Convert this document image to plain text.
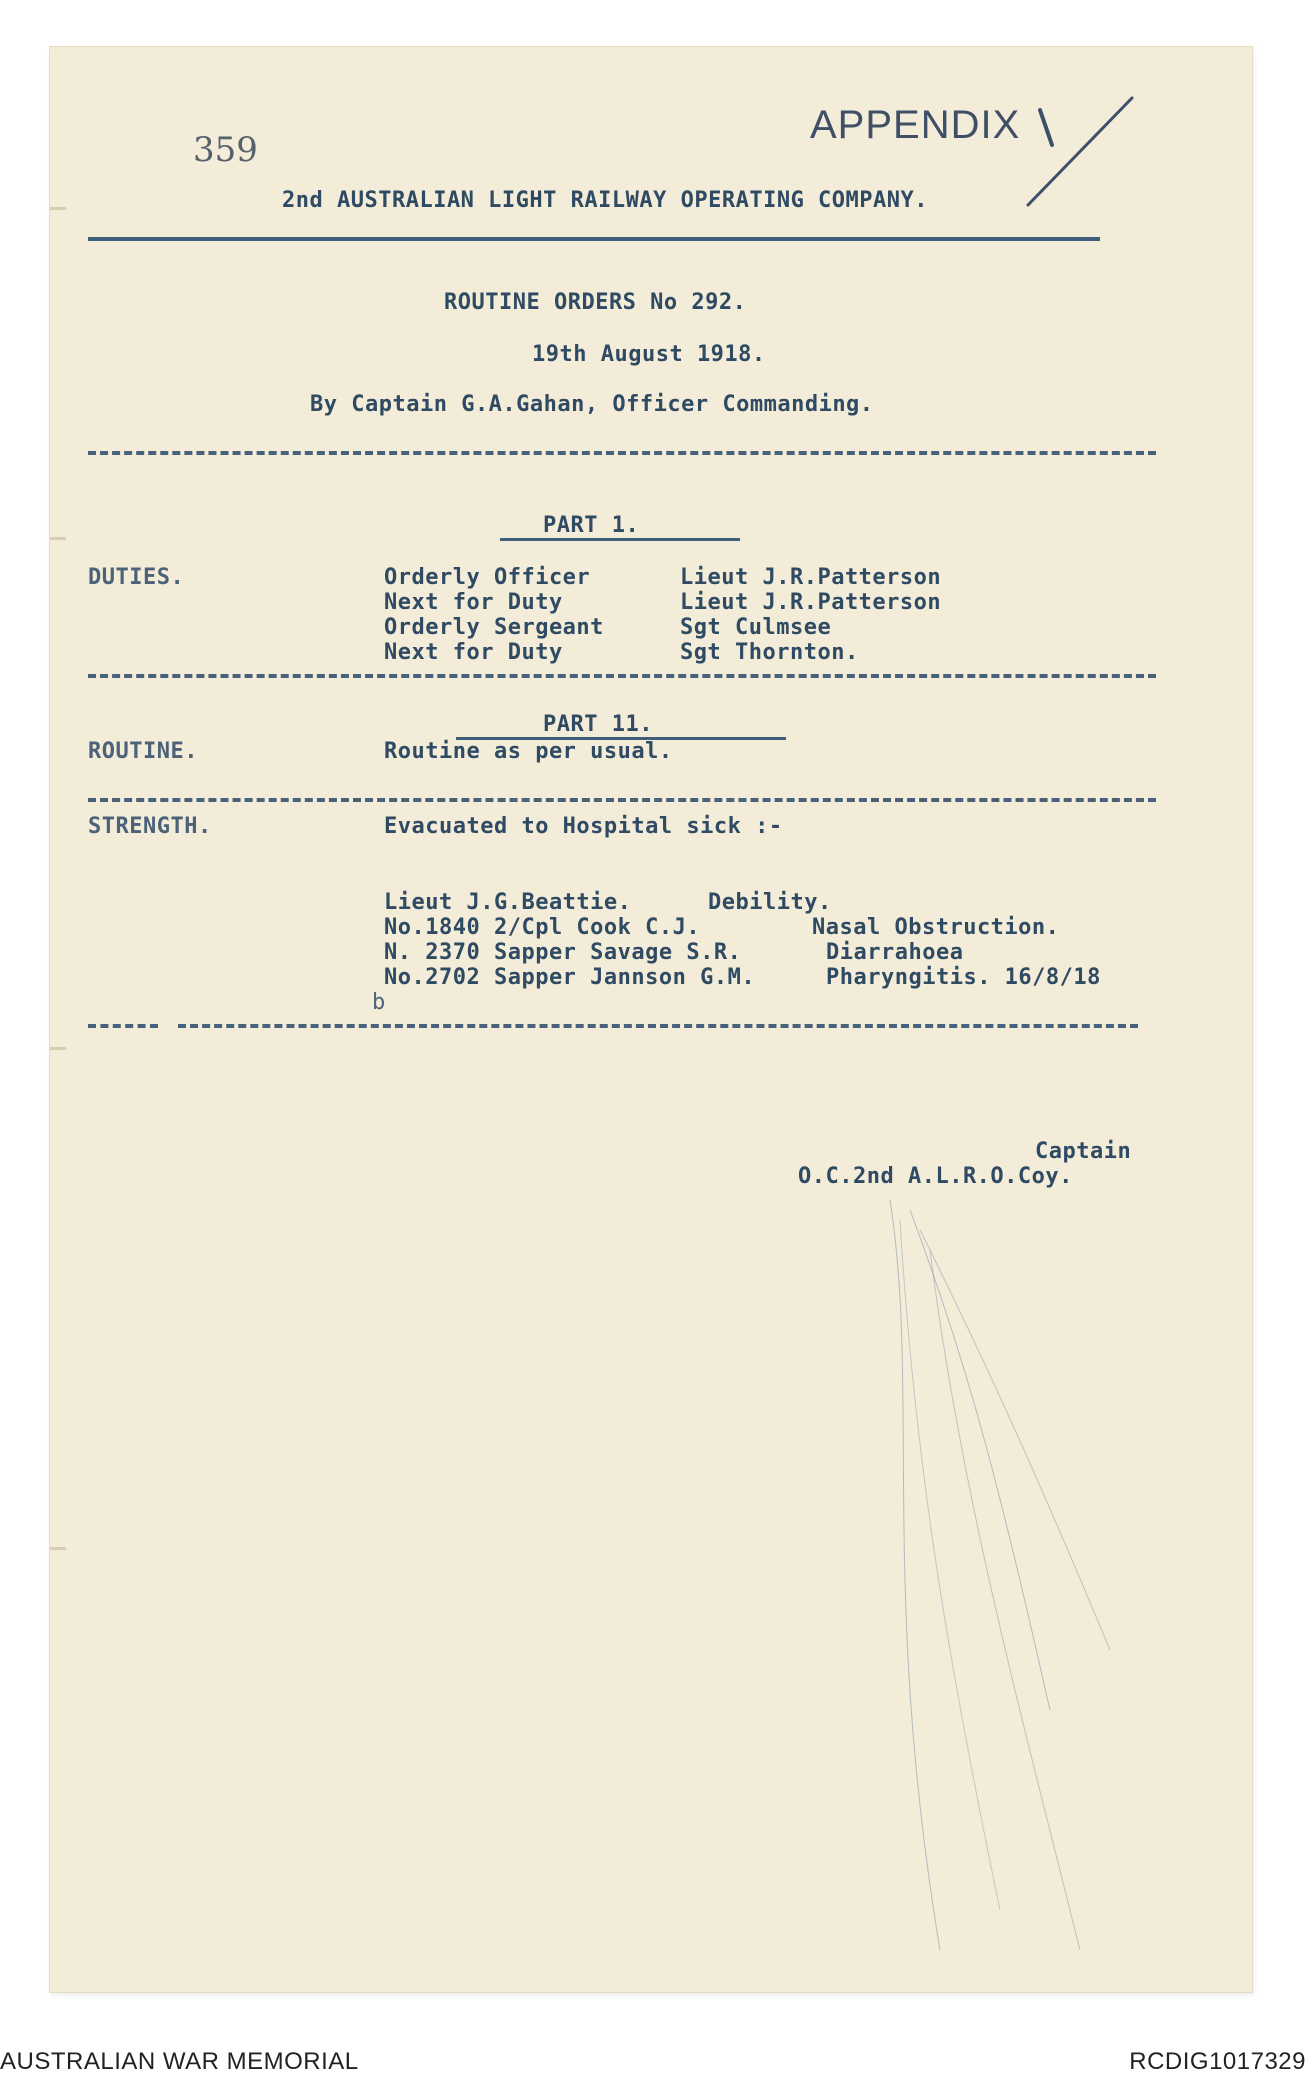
359
APPENDIX
2nd AUSTRALIAN LIGHT RAILWAY OPERATING COMPANY.
ROUTINE ORDERS No 292.
19th August 1918.
By Captain G.A.Gahan, Officer Commanding.
PART 1.
DUTIES.	Orderly Officer	Lieut J.R.Patterson
Next for Duty	Lieut J.R.Patterson
Orderly Sergeant	Sgt Culmsee
Next for Duty	Sgt Thornton.
PART 11.
ROUTINE.	Routine as per usual.
STRENGTH.	Evacuated to Hospital sick :-
Lieut J.G.Beattie.	Debility.
No.1840 2/Cpl Cook C.J.	Nasal Obstruction.
N. 2370 Sapper Savage S.R.	Diarrahoea
No.2702 Sapper Jannson G.M.	Pharyngitis. 16/8/18
b
Captain
O.C.2nd A.L.R.O.Coy.
AUSTRALIAN WAR MEMORIAL	RCDIG1017329
